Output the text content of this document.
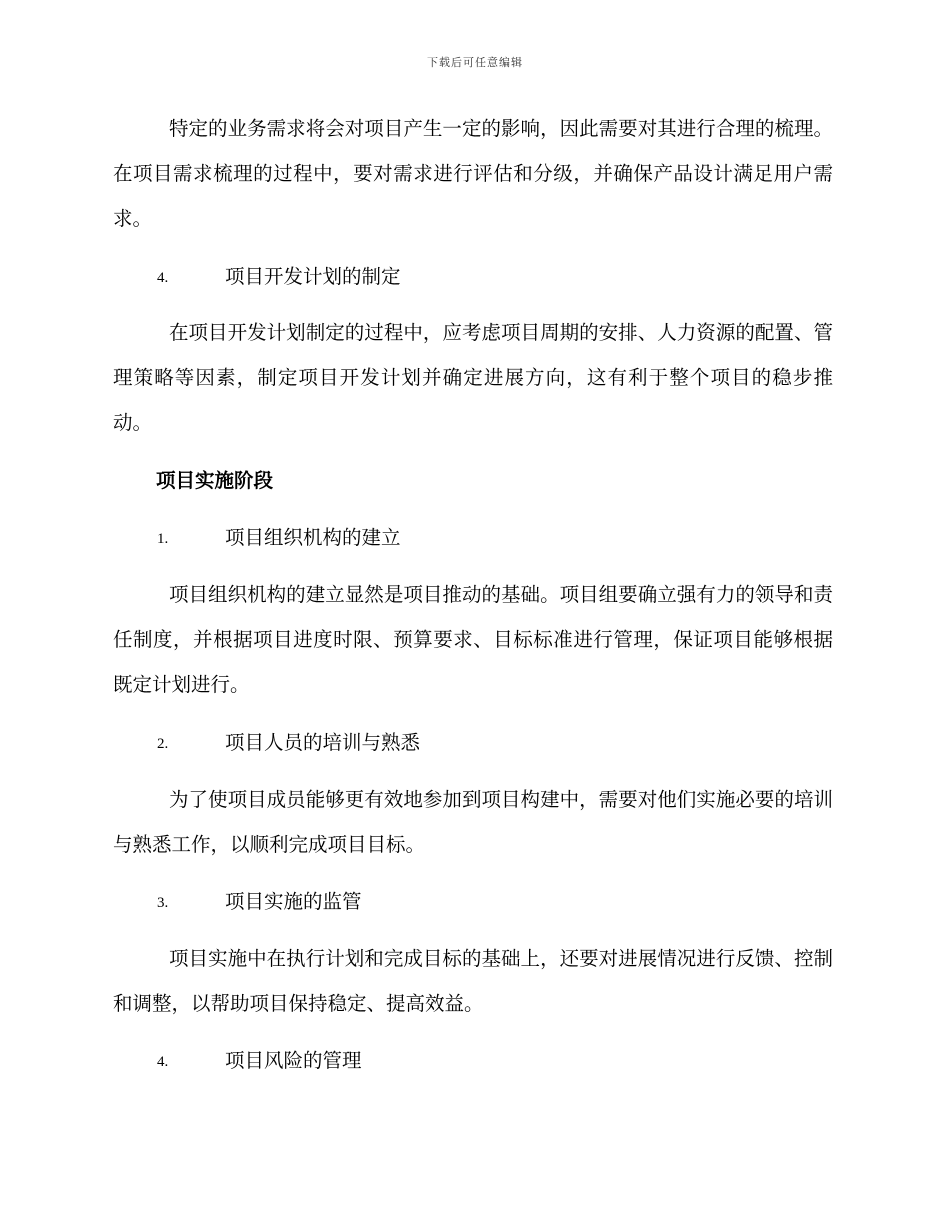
下载后可任意编辑
特定的业务需求将会对项目产生一定的影响，因此需要对其进行合理的梳理。在项目需求梳理的过程中，要对需求进行评估和分级，并确保产品设计满足用户需求。
4.	项目开发计划的制定
在项目开发计划制定的过程中，应考虑项目周期的安排、人力资源的配置、管理策略等因素，制定项目开发计划并确定进展方向，这有利于整个项目的稳步推动。
项目实施阶段
1.	项目组织机构的建立
项目组织机构的建立显然是项目推动的基础。项目组要确立强有力的领导和责任制度，并根据项目进度时限、预算要求、目标标准进行管理，保证项目能够根据既定计划进行。
2.	项目人员的培训与熟悉
为了使项目成员能够更有效地参加到项目构建中，需要对他们实施必要的培训与熟悉工作，以顺利完成项目目标。
3.	项目实施的监管
项目实施中在执行计划和完成目标的基础上，还要对进展情况进行反馈、控制和调整，以帮助项目保持稳定、提高效益。
4.	项目风险的管理
